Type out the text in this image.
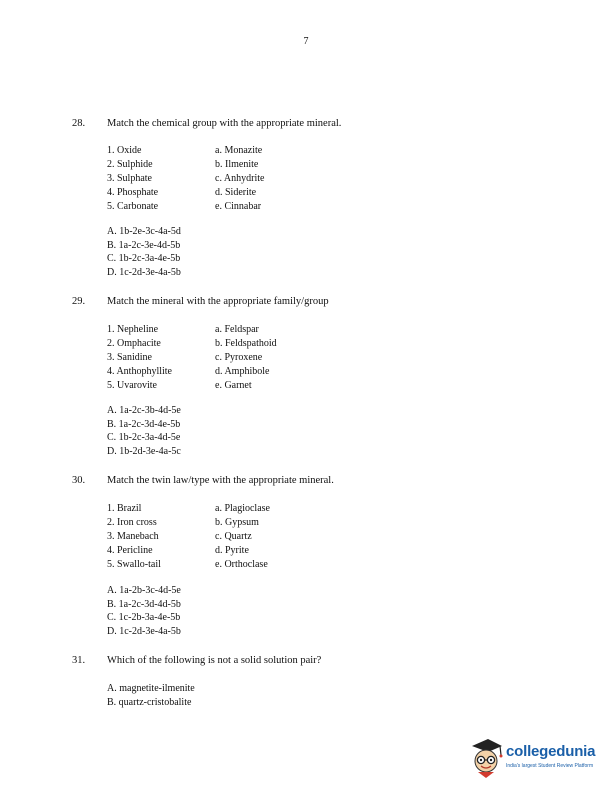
7
28. Match the chemical group with the appropriate mineral.
1. Oxide
2. Sulphide
3. Sulphate
4. Phosphate
5. Carbonate
a. Monazite
b. Ilmenite
c. Anhydrite
d. Siderite
e. Cinnabar
A. 1b-2e-3c-4a-5d
B. 1a-2c-3e-4d-5b
C. 1b-2c-3a-4e-5b
D. 1c-2d-3e-4a-5b
29. Match the mineral with the appropriate family/group
1. Nepheline
2. Omphacite
3. Sanidine
4. Anthophyllite
5. Uvarovite
a. Feldspar
b. Feldspathoid
c. Pyroxene
d. Amphibole
e. Garnet
A. 1a-2c-3b-4d-5e
B. 1a-2c-3d-4e-5b
C. 1b-2c-3a-4d-5e
D. 1b-2d-3e-4a-5c
30. Match the twin law/type with the appropriate mineral.
1. Brazil
2. Iron cross
3. Manebach
4. Pericline
5. Swallo-tail
a. Plagioclase
b. Gypsum
c. Quartz
d. Pyrite
e. Orthoclase
A. 1a-2b-3c-4d-5e
B. 1a-2c-3d-4d-5b
C. 1c-2b-3a-4e-5b
D. 1c-2d-3e-4a-5b
31. Which of the following is not a solid solution pair?
A. magnetite-ilmenite
B. quartz-cristobalite
collegedunia
India's largest Student Review Platform
